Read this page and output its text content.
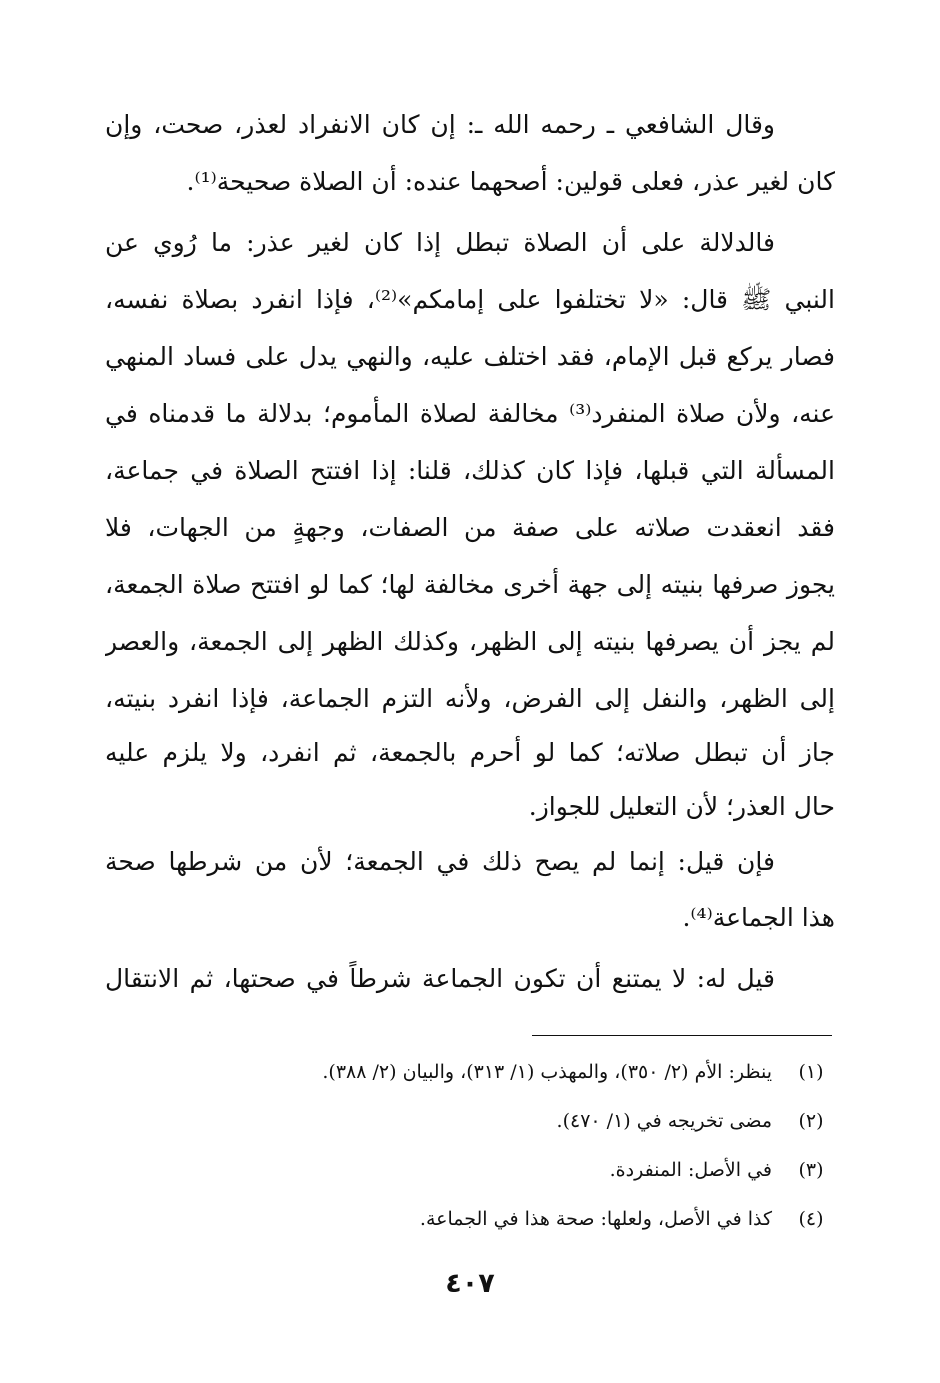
وقال الشافعي ـ رحمه الله ـ: إن كان الانفراد لعذر، صحت، وإن
كان لغير عذر، فعلى قولين: أصحهما عنده: أن الصلاة صحيحة⁽¹⁾.
فالدلالة على أن الصلاة تبطل إذا كان لغير عذر: ما رُوي عن
النبي ﷺ قال: «لا تختلفوا على إمامكم»⁽²⁾، فإذا انفرد بصلاة نفسه،
فصار يركع قبل الإمام، فقد اختلف عليه، والنهي يدل على فساد المنهي
عنه، ولأن صلاة المنفرد⁽³⁾ مخالفة لصلاة المأموم؛ بدلالة ما قدمناه في
المسألة التي قبلها، فإذا كان كذلك، قلنا: إذا افتتح الصلاة في جماعة،
فقد انعقدت صلاته على صفة من الصفات، وجهةٍ من الجهات، فلا
يجوز صرفها بنيته إلى جهة أخرى مخالفة لها؛ كما لو افتتح صلاة الجمعة،
لم يجز أن يصرفها بنيته إلى الظهر، وكذلك الظهر إلى الجمعة، والعصر
إلى الظهر، والنفل إلى الفرض، ولأنه التزم الجماعة، فإذا انفرد بنيته،
جاز أن تبطل صلاته؛ كما لو أحرم بالجمعة، ثم انفرد، ولا يلزم عليه
حال العذر؛ لأن التعليل للجواز.
فإن قيل: إنما لم يصح ذلك في الجمعة؛ لأن من شرطها صحة
هذا الجماعة⁽⁴⁾.
قيل له: لا يمتنع أن تكون الجماعة شرطاً في صحتها، ثم الانتقال
(١)
ينظر: الأم (٢/ ٣٥٠)، والمهذب (١/ ٣١٣)، والبيان (٢/ ٣٨٨).
(٢)
مضى تخريجه في (١/ ٤٧٠).
(٣)
في الأصل: المنفردة.
(٤)
كذا في الأصل، ولعلها: صحة هذا في الجماعة.
٤٠٧
